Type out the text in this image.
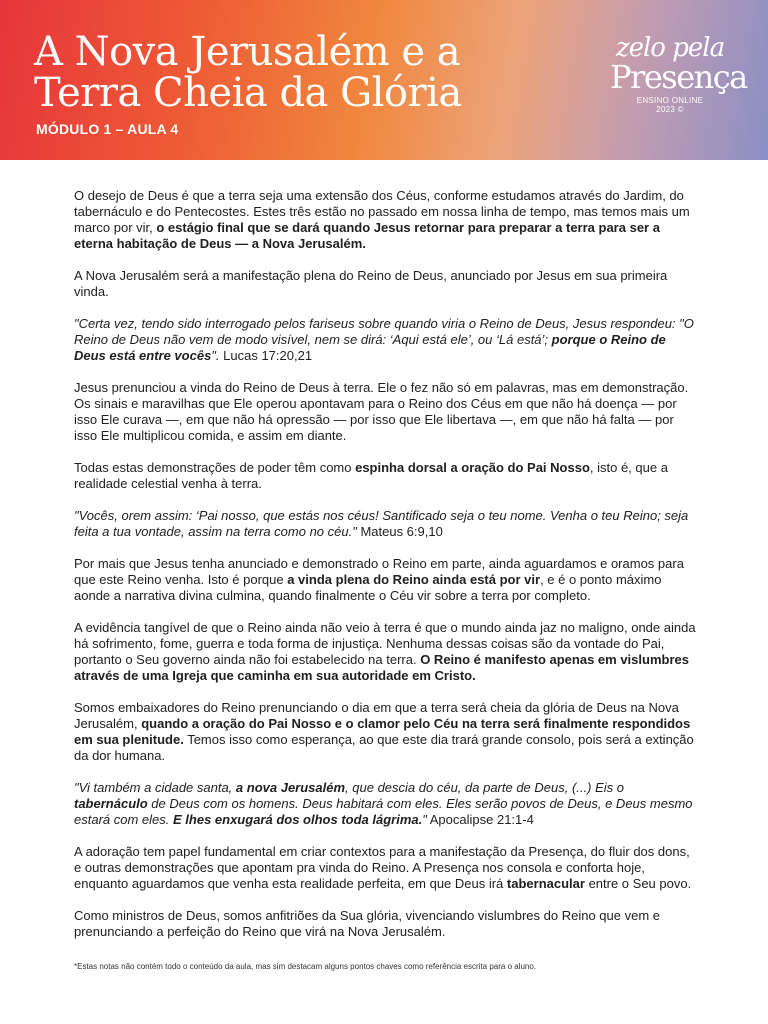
A Nova Jerusalém e a
Terra Cheia da Glória
MÓDULO 1 – AULA 4
zelo pela
Presença
ENSINO ONLINE
2023 ©

O desejo de Deus é que a terra seja uma extensão dos Céus, conforme estudamos através do Jardim, do tabernáculo e do Pentecostes. Estes três estão no passado em nossa linha de tempo, mas temos mais um marco por vir, o estágio final que se dará quando Jesus retornar para preparar a terra para ser a eterna habitação de Deus — a Nova Jerusalém.

A Nova Jerusalém será a manifestação plena do Reino de Deus, anunciado por Jesus em sua primeira vinda.

"Certa vez, tendo sido interrogado pelos fariseus sobre quando viria o Reino de Deus, Jesus respondeu: "O Reino de Deus não vem de modo visível, nem se dirá: ‘Aqui está ele’, ou ‘Lá está’; porque o Reino de Deus está entre vocês". Lucas 17:20,21

Jesus prenunciou a vinda do Reino de Deus à terra. Ele o fez não só em palavras, mas em demonstração. Os sinais e maravilhas que Ele operou apontavam para o Reino dos Céus em que não há doença — por isso Ele curava —, em que não há opressão — por isso que Ele libertava —, em que não há falta — por isso Ele multiplicou comida, e assim em diante.

Todas estas demonstrações de poder têm como espinha dorsal a oração do Pai Nosso, isto é, que a realidade celestial venha à terra.

"Vocês, orem assim: ‘Pai nosso, que estás nos céus! Santificado seja o teu nome. Venha o teu Reino; seja feita a tua vontade, assim na terra como no céu." Mateus 6:9,10

Por mais que Jesus tenha anunciado e demonstrado o Reino em parte, ainda aguardamos e oramos para que este Reino venha. Isto é porque a vinda plena do Reino ainda está por vir, e é o ponto máximo aonde a narrativa divina culmina, quando finalmente o Céu vir sobre a terra por completo.

A evidência tangível de que o Reino ainda não veio à terra é que o mundo ainda jaz no maligno, onde ainda há sofrimento, fome, guerra e toda forma de injustiça. Nenhuma dessas coisas são da vontade do Pai, portanto o Seu governo ainda não foi estabelecido na terra. O Reino é manifesto apenas em vislumbres através de uma Igreja que caminha em sua autoridade em Cristo.

Somos embaixadores do Reino prenunciando o dia em que a terra será cheia da glória de Deus na Nova Jerusalém, quando a oração do Pai Nosso e o clamor pelo Céu na terra será finalmente respondidos em sua plenitude. Temos isso como esperança, ao que este dia trará grande consolo, pois será a extinção da dor humana.

"Vi também a cidade santa, a nova Jerusalém, que descia do céu, da parte de Deus, (...) Eis o tabernáculo de Deus com os homens. Deus habitará com eles. Eles serão povos de Deus, e Deus mesmo estará com eles. E lhes enxugará dos olhos toda lágrima." Apocalipse 21:1-4

A adoração tem papel fundamental em criar contextos para a manifestação da Presença, do fluir dos dons, e outras demonstrações que apontam pra vinda do Reino. A Presença nos consola e conforta hoje, enquanto aguardamos que venha esta realidade perfeita, em que Deus irá tabernacular entre o Seu povo.

Como ministros de Deus, somos anfitriões da Sua glória, vivenciando vislumbres do Reino que vem e prenunciando a perfeição do Reino que virá na Nova Jerusalém.

*Estas notas não contém todo o conteúdo da aula, mas sim destacam alguns pontos chaves como referência escrita para o aluno.
